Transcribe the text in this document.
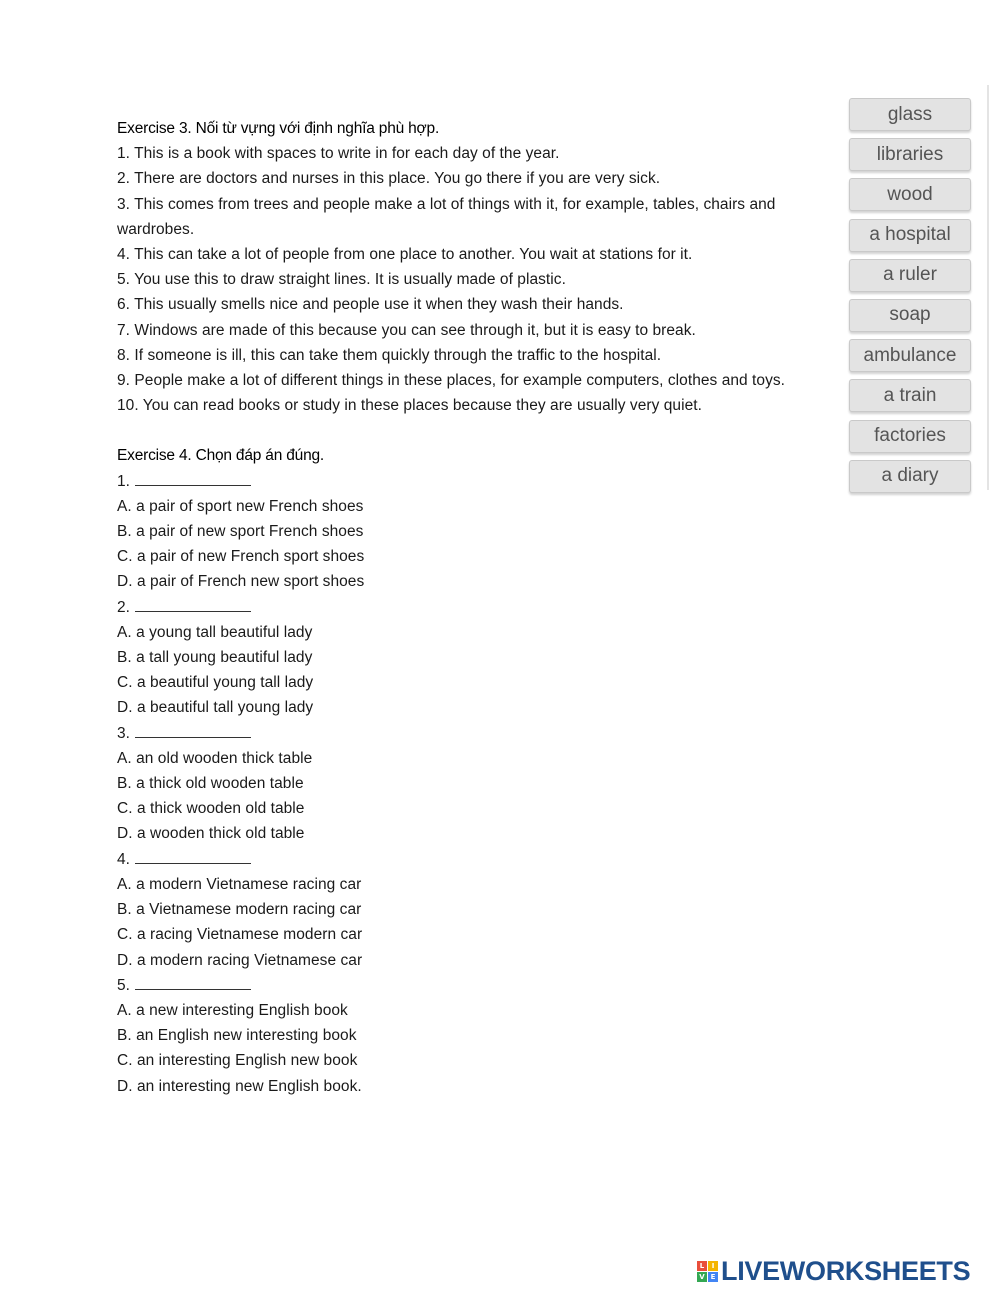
Exercise 3. Nối từ vựng với định nghĩa phù hợp.
1. This is a book with spaces to write in for each day of the year.
2. There are doctors and nurses in this place. You go there if you are very sick.
3. This comes from trees and people make a lot of things with it, for example, tables, chairs and wardrobes.
4. This can take a lot of people from one place to another. You wait at stations for it.
5. You use this to draw straight lines. It is usually made of plastic.
6. This usually smells nice and people use it when they wash their hands.
7. Windows are made of this because you can see through it, but it is easy to break.
8. If someone is ill, this can take them quickly through the traffic to the hospital.
9. People make a lot of different things in these places, for example computers, clothes and toys.
10. You can read books or study in these places because they are usually very quiet.
Exercise 4. Chọn đáp án đúng.
1.
A. a pair of sport new French shoes
B. a pair of new sport French shoes
C. a pair of new French sport shoes
D. a pair of French new sport shoes
2.
A. a young tall beautiful lady
B. a tall young beautiful lady
C. a beautiful young tall lady
D. a beautiful tall young lady
3.
A. an old wooden thick table
B. a thick old wooden table
C. a thick wooden old table
D. a wooden thick old table
4.
A. a modern Vietnamese racing car
B. a Vietnamese modern racing car
C. a racing Vietnamese modern car
D. a modern racing Vietnamese car
5.
A. a new interesting English book
B. an English new interesting book
C. an interesting English new book
D. an interesting new English book.
glass
libraries
wood
a hospital
a ruler
soap
ambulance
a train
factories
a diary
L	I
V E LIVEWORKSHEETS
